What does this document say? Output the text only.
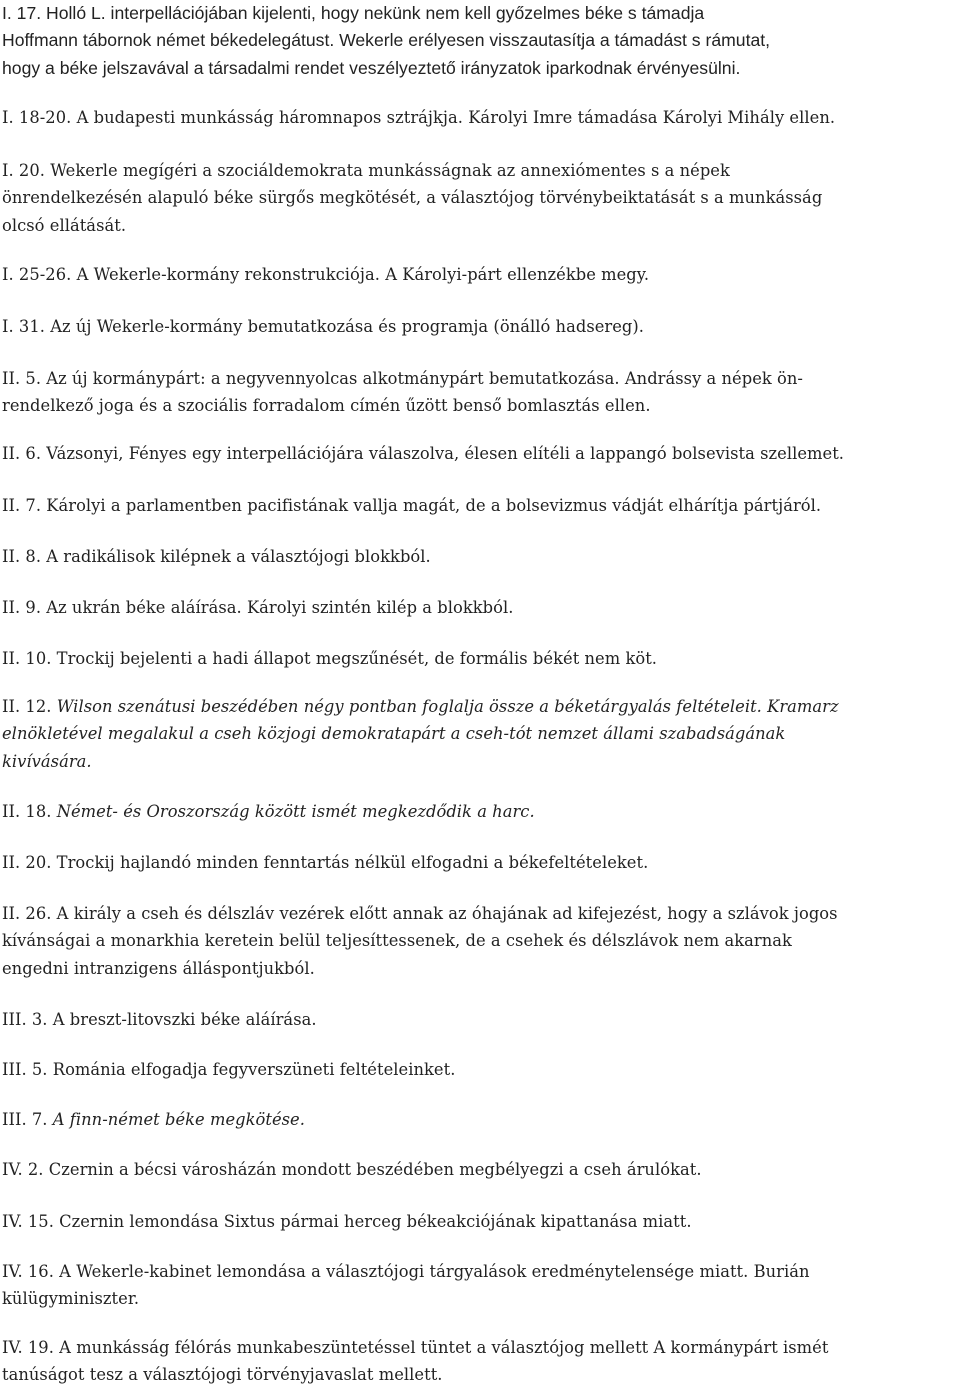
I. 17. Holló L. interpellációjában kijelenti, hogy nekünk nem kell győzelmes béke s támadja
Hoffmann tábornok német békedelegátust. Wekerle erélyesen visszautasítja a támadást s rámutat,
hogy a béke jelszavával a társadalmi rendet veszélyeztető irányzatok iparkodnak érvényesülni.

I. 18-20. A budapesti munkásság háromnapos sztrájkja. Károlyi Imre támadása Károlyi Mihály ellen.

I. 20. Wekerle megígéri a szociáldemokrata munkásságnak az annexiómentes s a népek
önrendelkezésén alapuló béke sürgős megkötését, a választójog törvénybeiktatását s a munkásság
olcsó ellátását.

I. 25-26. A Wekerle-kormány rekonstrukciója. A Károlyi-párt ellenzékbe megy.

I. 31. Az új Wekerle-kormány bemutatkozása és programja (önálló hadsereg).

II. 5. Az új kormánypárt: a negyvennyolcas alkotmánypárt bemutatkozása. Andrássy a népek ön-
rendelkező joga és a szociális forradalom címén űzött benső bomlasztás ellen.

II. 6. Vázsonyi, Fényes egy interpellációjára válaszolva, élesen elítéli a lappangó bolsevista szellemet.

II. 7. Károlyi a parlamentben pacifistának vallja magát, de a bolsevizmus vádját elhárítja pártjáról.

II. 8. A radikálisok kilépnek a választójogi blokkból.

II. 9. Az ukrán béke aláírása. Károlyi szintén kilép a blokkból.

II. 10. Trockij bejelenti a hadi állapot megszűnését, de formális békét nem köt.

II. 12. Wilson szenátusi beszédében négy pontban foglalja össze a béketárgyalás feltételeit. Kramarz
elnökletével megalakul a cseh közjogi demokratapárt a cseh-tót nemzet állami szabadságának
kivívására.

II. 18. Német- és Oroszország között ismét megkezdődik a harc.

II. 20. Trockij hajlandó minden fenntartás nélkül elfogadni a békefeltételeket.

II. 26. A király a cseh és délszláv vezérek előtt annak az óhajának ad kifejezést, hogy a szlávok jogos
kívánságai a monarkhia keretein belül teljesíttessenek, de a csehek és délszlávok nem akarnak
engedni intranzigens álláspontjukból.

III. 3. A breszt-litovszki béke aláírása.

III. 5. Románia elfogadja fegyverszüneti feltételeinket.

III. 7. A finn-német béke megkötése.

IV. 2. Czernin a bécsi városházán mondott beszédében megbélyegzi a cseh árulókat.

IV. 15. Czernin lemondása Sixtus pármai herceg békeakciójának kipattanása miatt.

IV. 16. A Wekerle-kabinet lemondása a választójogi tárgyalások eredménytelensége miatt. Burián
külügyminiszter.

IV. 19. A munkásság félórás munkabeszüntetéssel tüntet a választójog mellett A kormánypárt ismét
tanúságot tesz a választójogi törvényjavaslat mellett.
